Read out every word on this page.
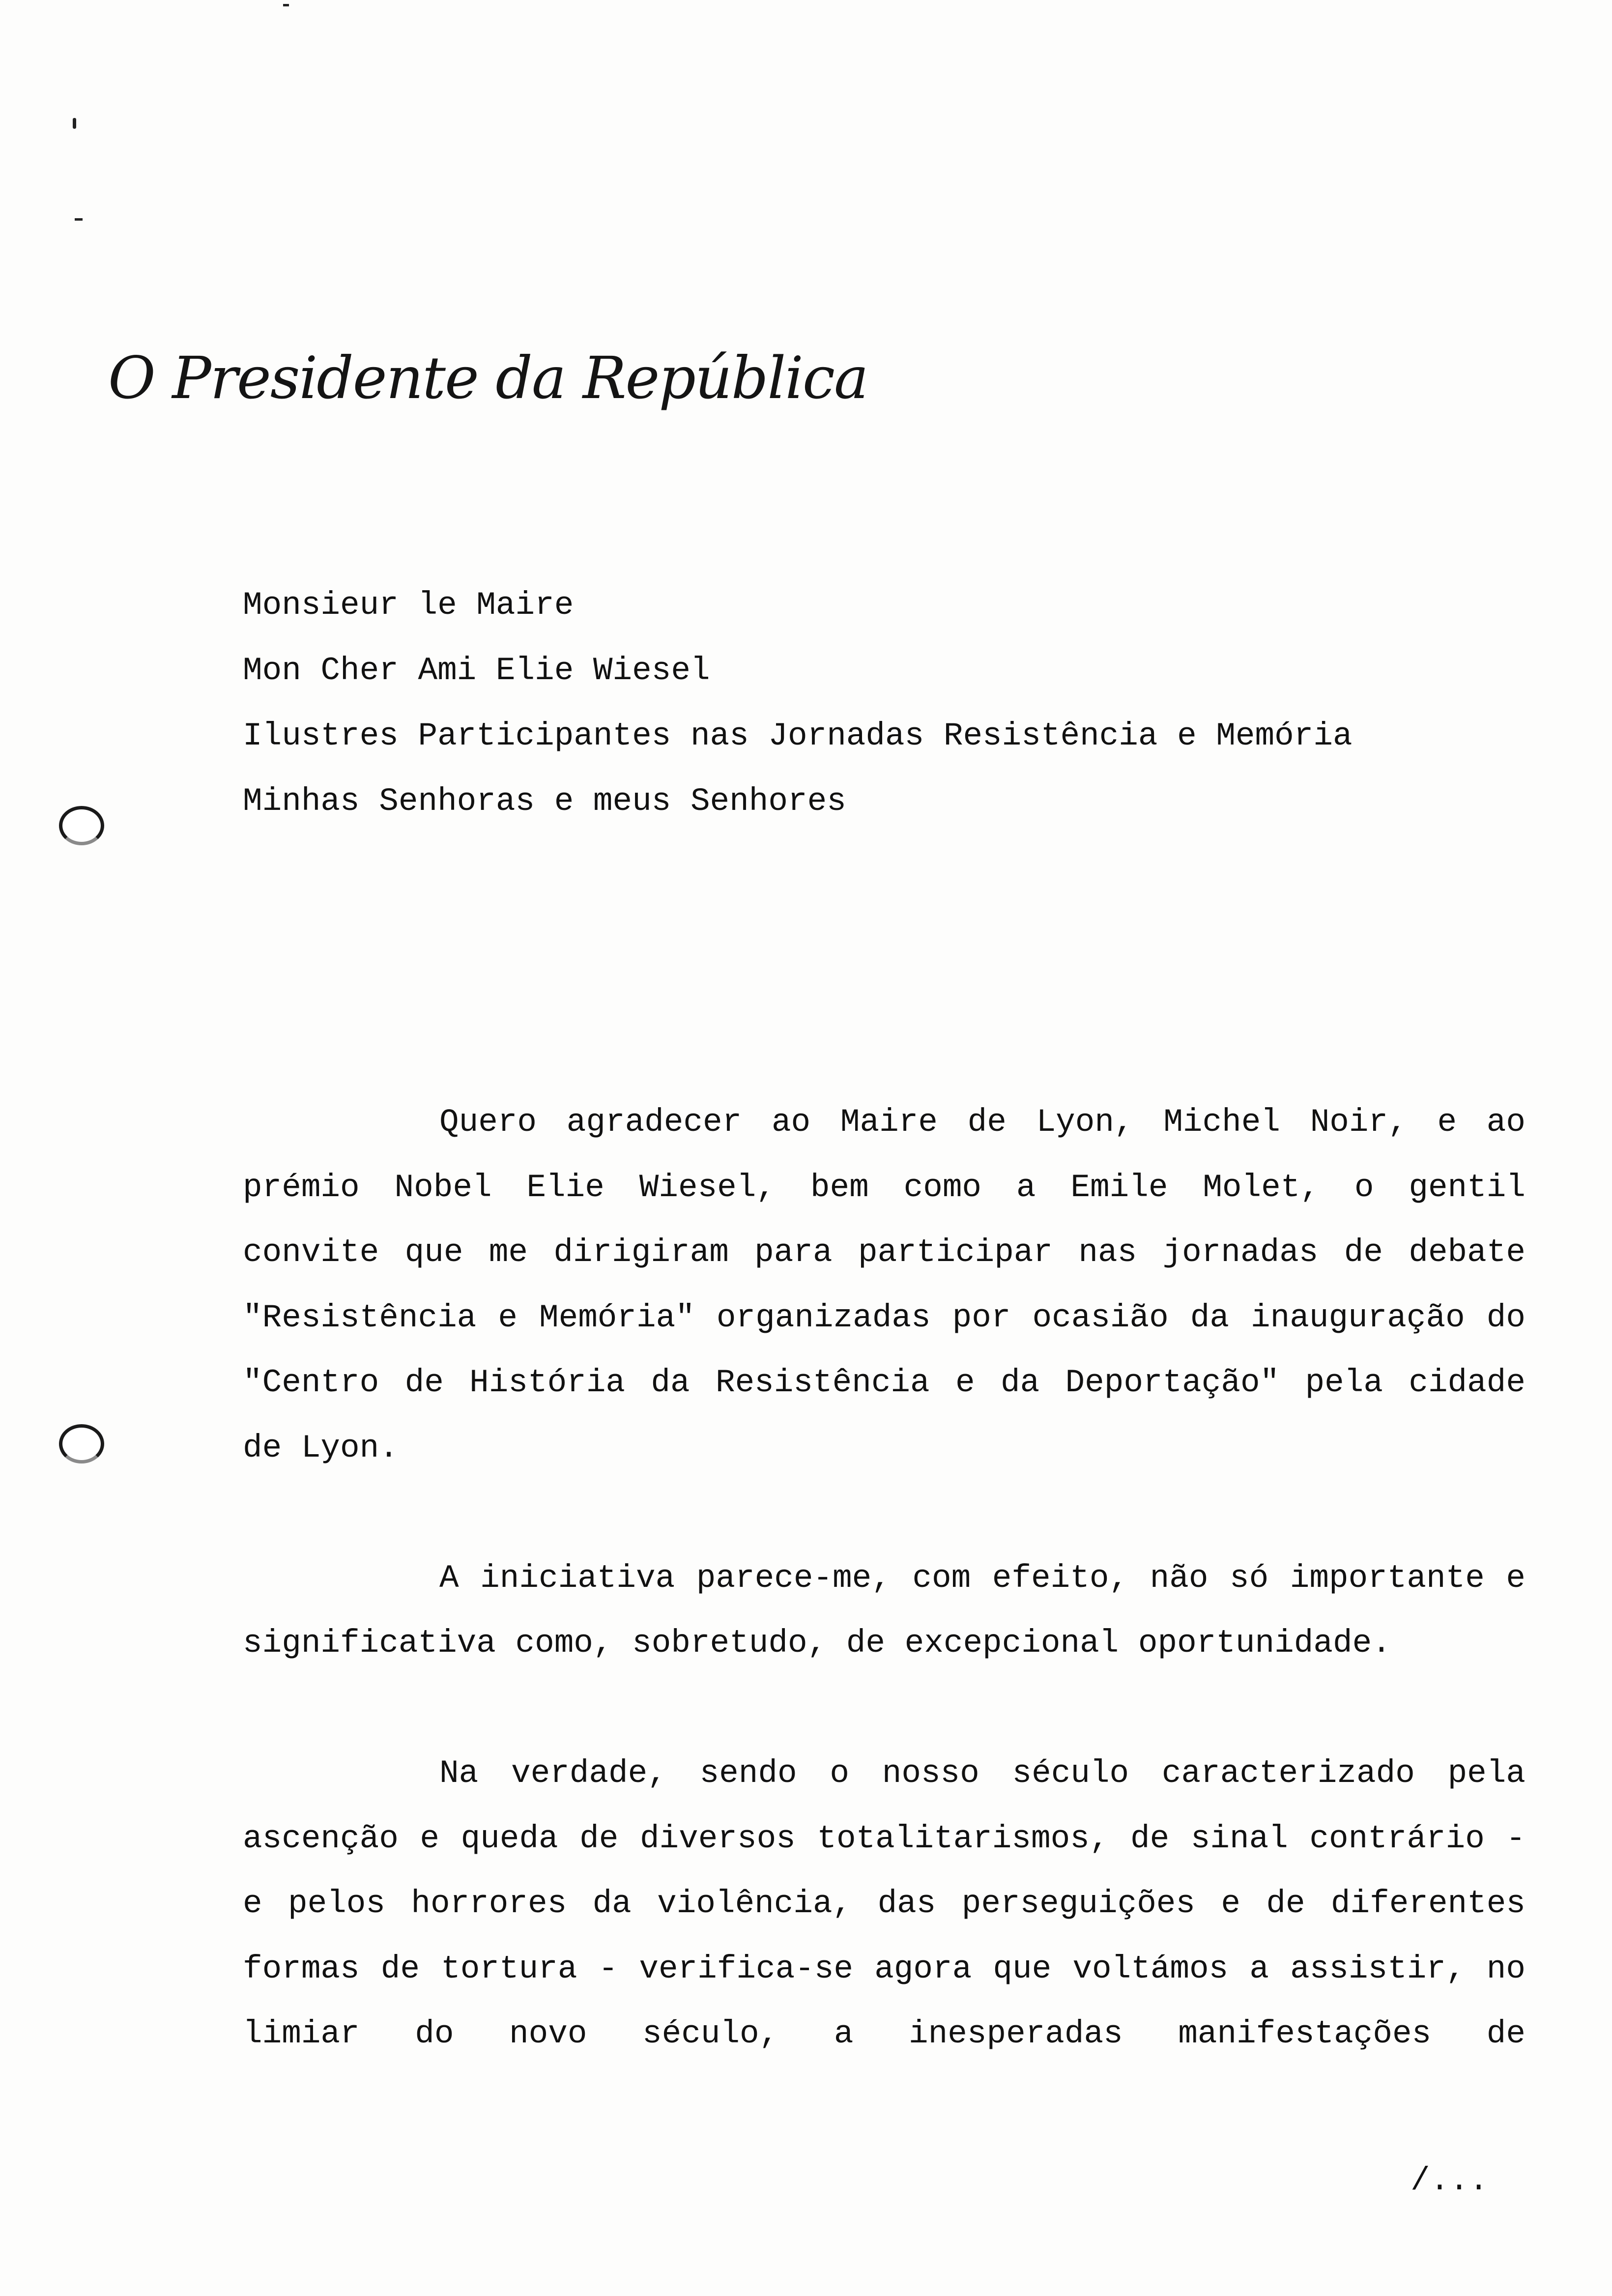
O Presidente da República
Monsieur le Maire
Mon Cher Ami Elie Wiesel
Ilustres Participantes nas Jornadas Resistência e Memória
Minhas Senhoras e meus Senhores

Quero agradecer ao Maire de Lyon, Michel Noir, e ao prémio Nobel Elie Wiesel, bem como a Emile Molet, o gentil convite que me dirigiram para participar nas jornadas de debate "Resistência e Memória" organizadas por ocasião da inauguração do "Centro de História da Resistência e da Deportação" pela cidade de Lyon.

A iniciativa parece-me, com efeito, não só importante e significativa como, sobretudo, de excepcional oportunidade.

Na verdade, sendo o nosso século caracterizado pela ascenção e queda de diversos totalitarismos, de sinal contrário - e pelos horrores da violência, das perseguições e de diferentes formas de tortura - verifica-se agora que voltámos a assistir, no limiar do novo século, a inesperadas manifestações de

/...
